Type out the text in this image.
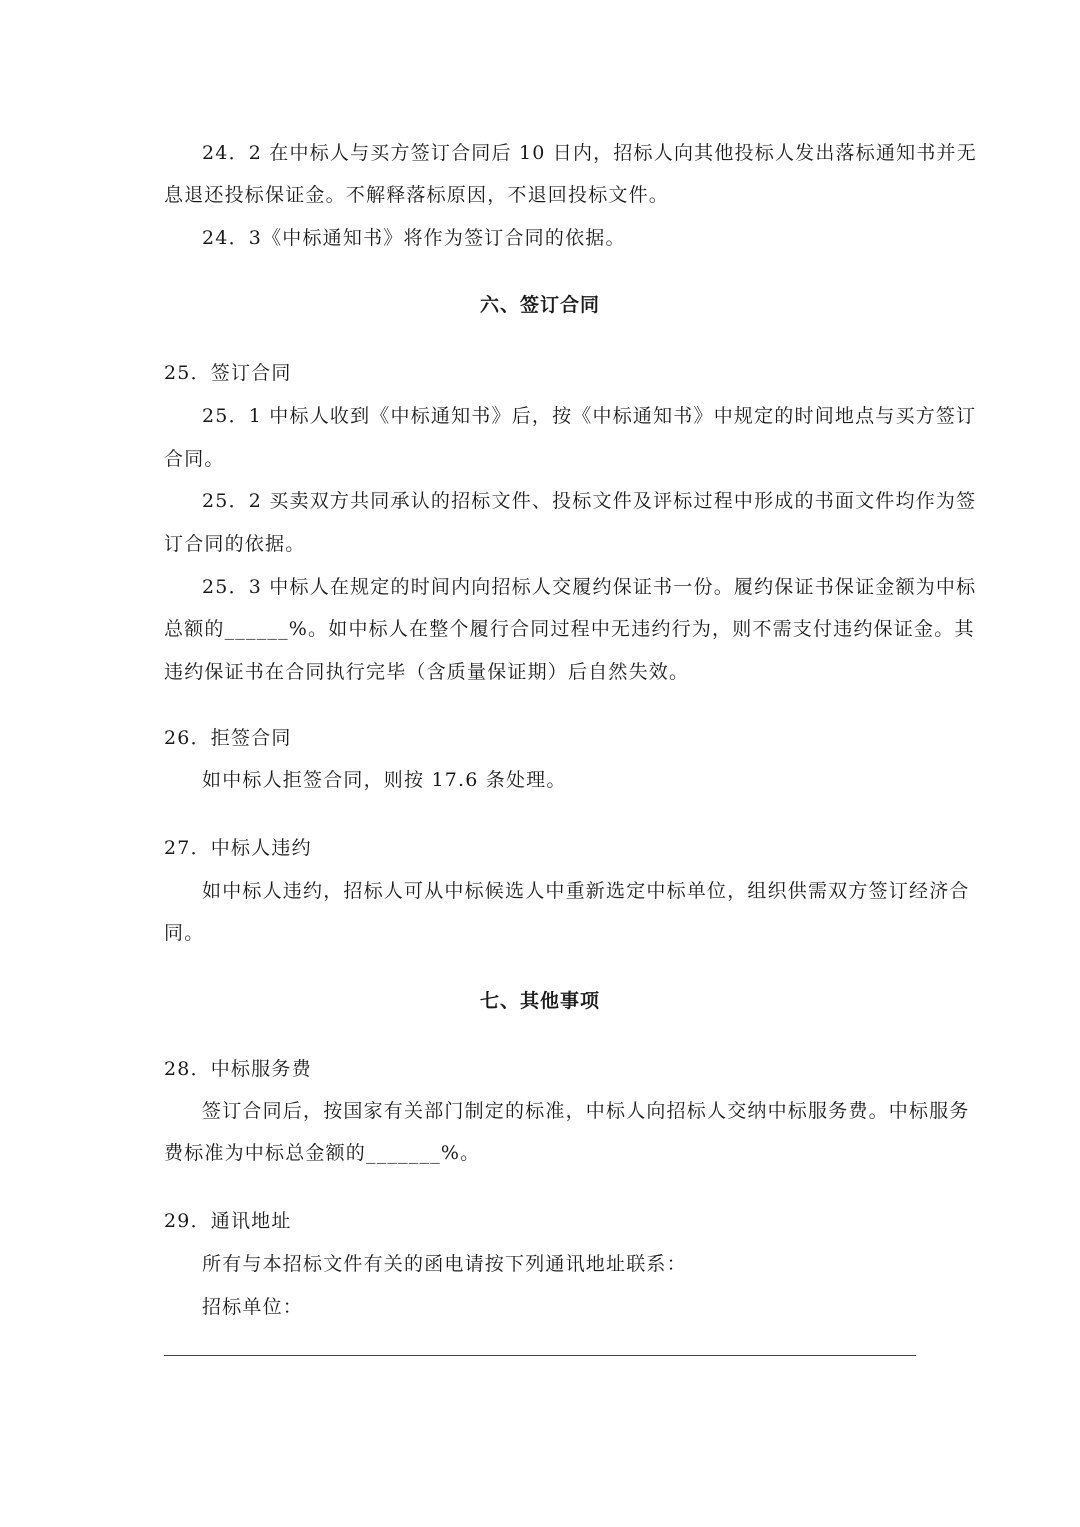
24．2 在中标人与买方签订合同后 10 日内，招标人向其他投标人发出落标通知书并无
息退还投标保证金。不解释落标原因，不退回投标文件。
24．3《中标通知书》将作为签订合同的依据。
六、签订合同
25．签订合同
25．1 中标人收到《中标通知书》后，按《中标通知书》中规定的时间地点与买方签订
合同。
25．2 买卖双方共同承认的招标文件、投标文件及评标过程中形成的书面文件均作为签
订合同的依据。
25．3 中标人在规定的时间内向招标人交履约保证书一份。履约保证书保证金额为中标
总额的______%。如中标人在整个履行合同过程中无违约行为，则不需支付违约保证金。其
违约保证书在合同执行完毕（含质量保证期）后自然失效。
26．拒签合同
如中标人拒签合同，则按 17.6 条处理。
27．中标人违约
如中标人违约，招标人可从中标候选人中重新选定中标单位，组织供需双方签订经济合
同。
七、其他事项
28．中标服务费
签订合同后，按国家有关部门制定的标准，中标人向招标人交纳中标服务费。中标服务
费标准为中标总金额的_______%。
29．通讯地址
所有与本招标文件有关的函电请按下列通讯地址联系：
招标单位：
